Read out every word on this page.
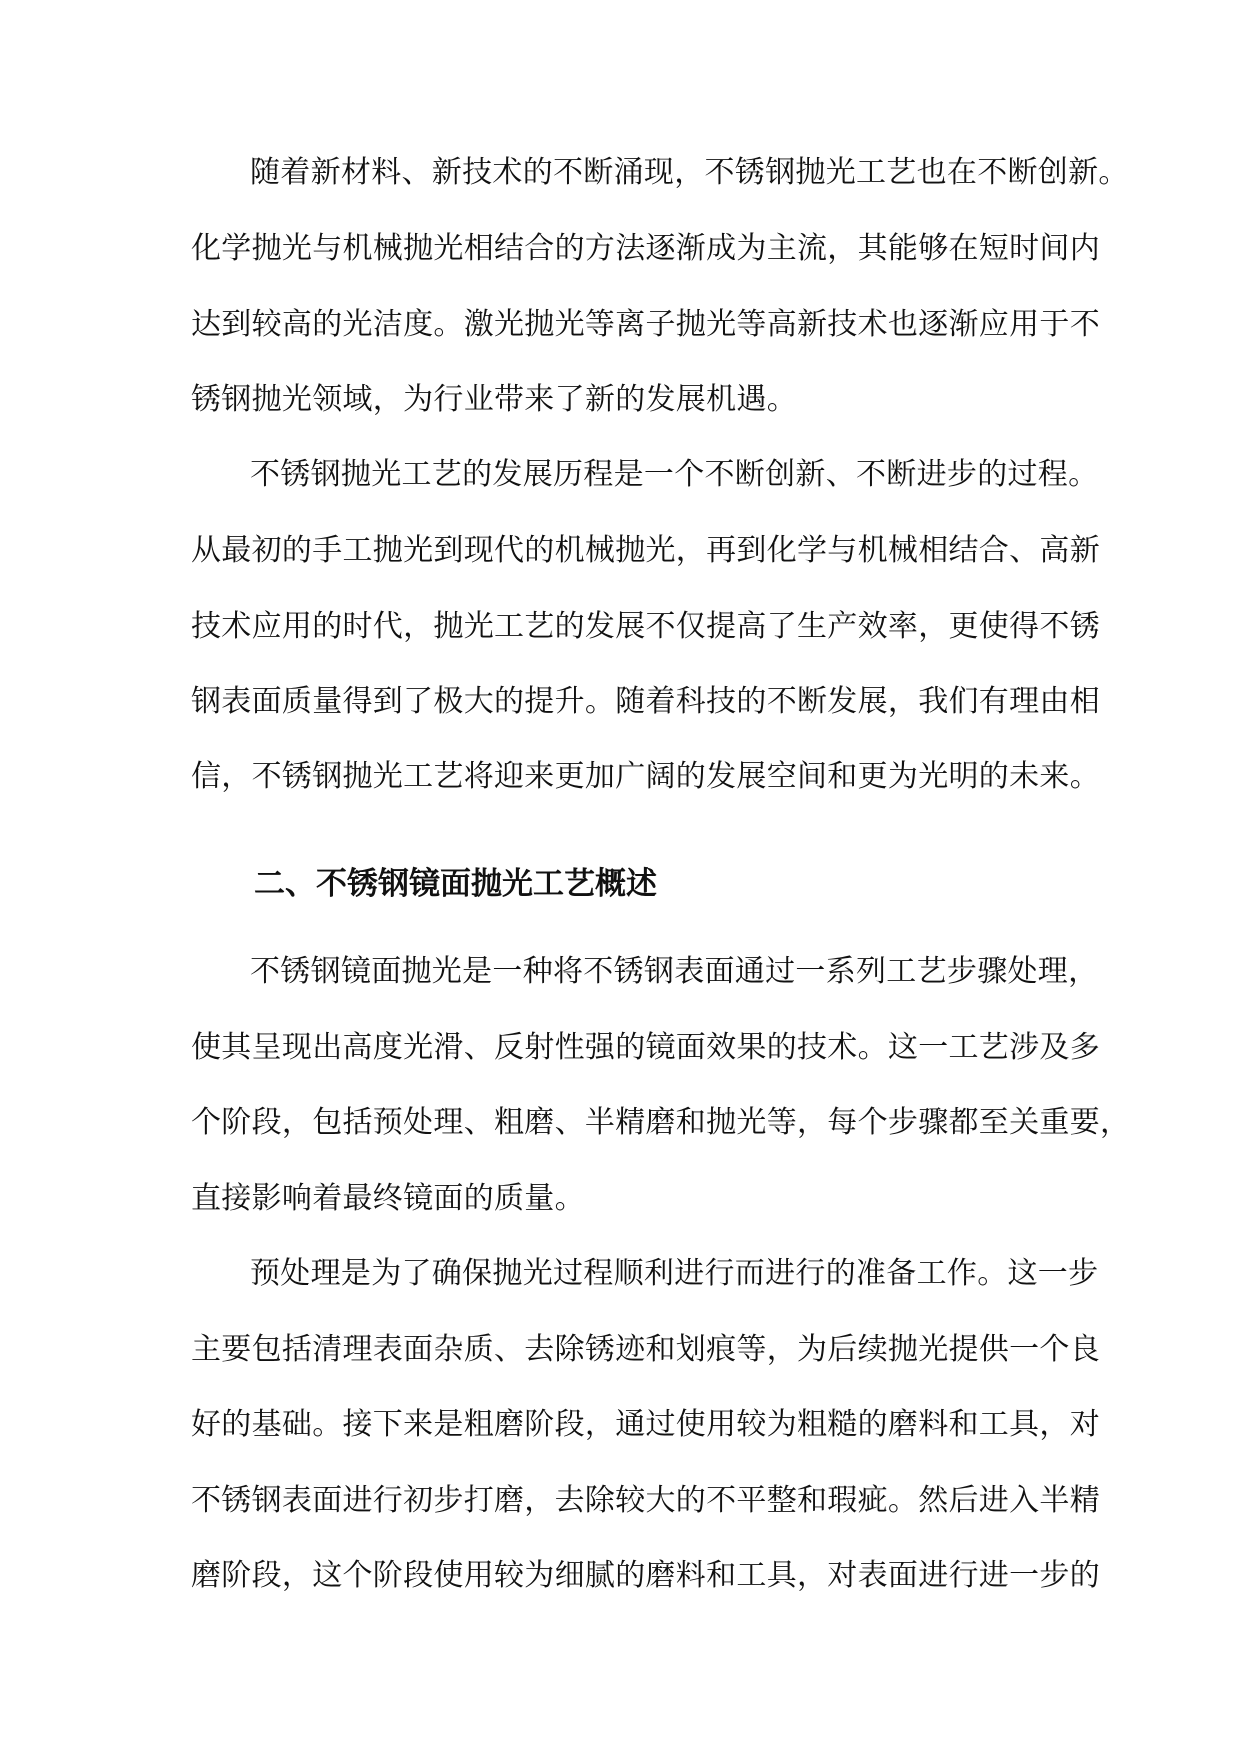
随着新材料、新技术的不断涌现，不锈钢抛光工艺也在不断创新。
化学抛光与机械抛光相结合的方法逐渐成为主流，其能够在短时间内
达到较高的光洁度。激光抛光等离子抛光等高新技术也逐渐应用于不
锈钢抛光领域，为行业带来了新的发展机遇。
不锈钢抛光工艺的发展历程是一个不断创新、不断进步的过程。
从最初的手工抛光到现代的机械抛光，再到化学与机械相结合、高新
技术应用的时代，抛光工艺的发展不仅提高了生产效率，更使得不锈
钢表面质量得到了极大的提升。随着科技的不断发展，我们有理由相
信，不锈钢抛光工艺将迎来更加广阔的发展空间和更为光明的未来。
二、不锈钢镜面抛光工艺概述
不锈钢镜面抛光是一种将不锈钢表面通过一系列工艺步骤处理，
使其呈现出高度光滑、反射性强的镜面效果的技术。这一工艺涉及多
个阶段，包括预处理、粗磨、半精磨和抛光等，每个步骤都至关重要，
直接影响着最终镜面的质量。
预处理是为了确保抛光过程顺利进行而进行的准备工作。这一步
主要包括清理表面杂质、去除锈迹和划痕等，为后续抛光提供一个良
好的基础。接下来是粗磨阶段，通过使用较为粗糙的磨料和工具，对
不锈钢表面进行初步打磨，去除较大的不平整和瑕疵。然后进入半精
磨阶段，这个阶段使用较为细腻的磨料和工具，对表面进行进一步的
